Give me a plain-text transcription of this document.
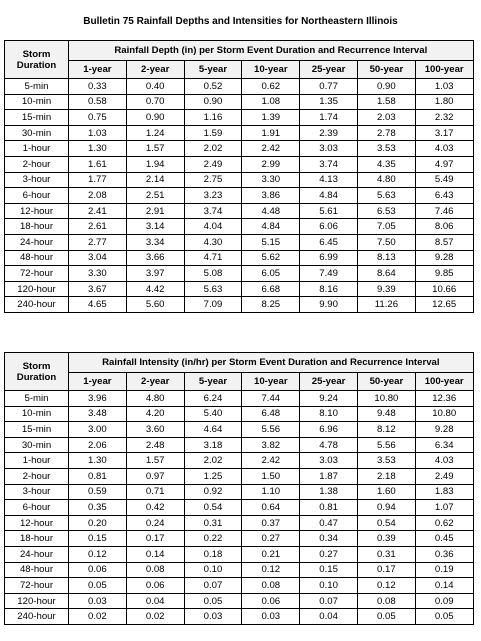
Bulletin 75 Rainfall Depths and Intensities for Northeastern Illinois
Storm
Duration	Rainfall Depth (in) per Storm Event Duration and Recurrence Interval						
	1-year	2-year	5-year	10-year	25-year	50-year	100-year
5-min	0.33	0.40	0.52	0.62	0.77	0.90	1.03
10-min	0.58	0.70	0.90	1.08	1.35	1.58	1.80
15-min	0.75	0.90	1.16	1.39	1.74	2.03	2.32
30-min	1.03	1.24	1.59	1.91	2.39	2.78	3.17
1-hour	1.30	1.57	2.02	2.42	3.03	3.53	4.03
2-hour	1.61	1.94	2.49	2.99	3.74	4.35	4.97
3-hour	1.77	2.14	2.75	3.30	4.13	4.80	5.49
6-hour	2.08	2.51	3.23	3.86	4.84	5.63	6.43
12-hour	2.41	2.91	3.74	4.48	5.61	6.53	7.46
18-hour	2.61	3.14	4.04	4.84	6.06	7.05	8.06
24-hour	2.77	3.34	4.30	5.15	6.45	7.50	8.57
48-hour	3.04	3.66	4.71	5.62	6.99	8.13	9.28
72-hour	3.30	3.97	5.08	6.05	7.49	8.64	9.85
120-hour	3.67	4.42	5.63	6.68	8.16	9.39	10.66
240-hour	4.65	5.60	7.09	8.25	9.90	11.26	12.65
Storm
Duration	Rainfall Intensity (in/hr) per Storm Event Duration and Recurrence Interval						
	1-year	2-year	5-year	10-year	25-year	50-year	100-year
5-min	3.96	4.80	6.24	7.44	9.24	10.80	12.36
10-min	3.48	4.20	5.40	6.48	8.10	9.48	10.80
15-min	3.00	3.60	4.64	5.56	6.96	8.12	9.28
30-min	2.06	2.48	3.18	3.82	4.78	5.56	6.34
1-hour	1.30	1.57	2.02	2.42	3.03	3.53	4.03
2-hour	0.81	0.97	1.25	1.50	1.87	2.18	2.49
3-hour	0.59	0.71	0.92	1.10	1.38	1.60	1.83
6-hour	0.35	0.42	0.54	0.64	0.81	0.94	1.07
12-hour	0.20	0.24	0.31	0.37	0.47	0.54	0.62
18-hour	0.15	0.17	0.22	0.27	0.34	0.39	0.45
24-hour	0.12	0.14	0.18	0.21	0.27	0.31	0.36
48-hour	0.06	0.08	0.10	0.12	0.15	0.17	0.19
72-hour	0.05	0.06	0.07	0.08	0.10	0.12	0.14
120-hour	0.03	0.04	0.05	0.06	0.07	0.08	0.09
240-hour	0.02	0.02	0.03	0.03	0.04	0.05	0.05
